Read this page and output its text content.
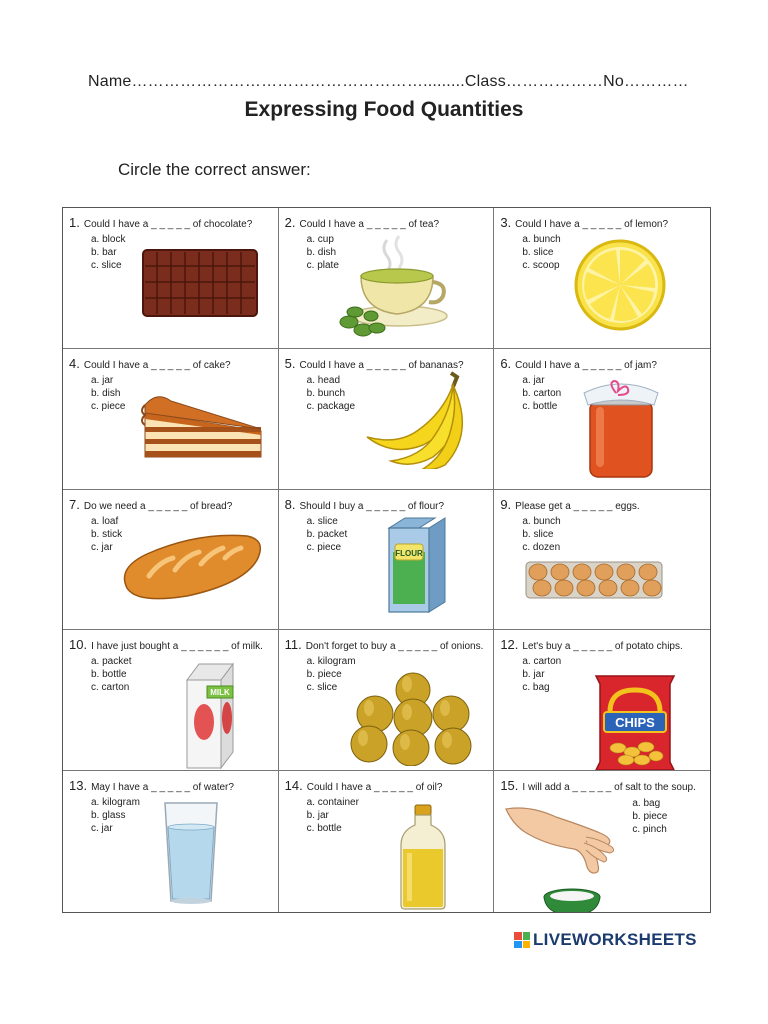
Name……………………………………………….........Class………………No…………
Expressing Food Quantities
Circle the correct answer:
1. Could I have a _ _ _ _ _ of chocolate?
a. block
b. bar
c. slice
2. Could I have a _ _ _ _ _ of tea?
a. cup
b. dish
c. plate
3. Could I have a _ _ _ _ _ of lemon?
a. bunch
b. slice
c. scoop
4. Could I have a _ _ _ _ _ of cake?
a. jar
b. dish
c. piece
5. Could I have a _ _ _ _ _ of bananas?
a. head
b. bunch
c. package
6. Could I have a _ _ _ _ _ of jam?
a. jar
b. carton
c. bottle
7. Do we need a _ _ _ _ _ of bread?
a. loaf
b. stick
c. jar
8. Should I buy a _ _ _ _ _ of flour?
a. slice
b. packet
c. piece
FLOUR
9. Please get a _ _ _ _ _ eggs.
a. bunch
b. slice
c. dozen
10. I have just bought a _ _ _ _ _ _ of milk.
a. packet
b. bottle
c. carton	MILK
11. Don't forget to buy a _ _ _ _ _ of onions.
a. kilogram
b. piece
c. slice
12. Let's buy a _ _ _ _ _ of potato chips.
a. carton
b. jar
c. bag
CHIPS
13. May I have a _ _ _ _ _ of water?
a. kilogram
b. glass
c. jar
14. Could I have a _ _ _ _ _ of oil?
a. container
b. jar
c. bottle
15. I will add a _ _ _ _ _ of salt to the soup.
a. bag
b. piece
c. pinch
LIVEWORKSHEETS
